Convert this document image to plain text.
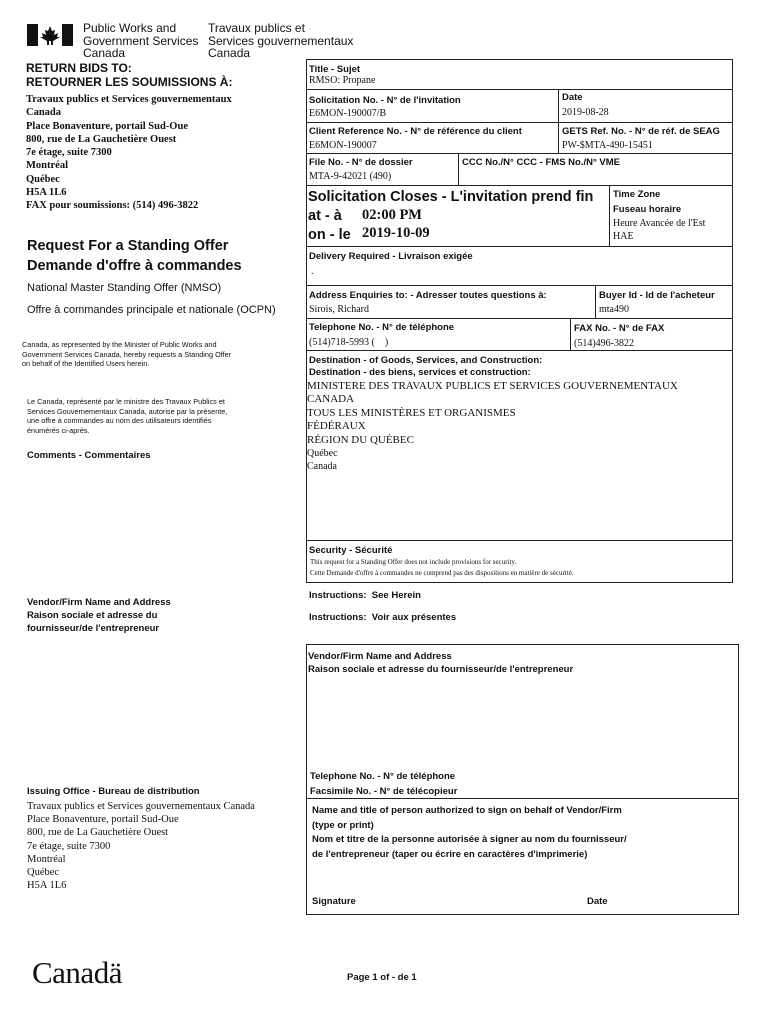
Public Works and
Government Services
Canada
Travaux publics et
Services gouvernementaux
Canada
RETURN BIDS TO:
RETOURNER LES SOUMISSIONS À:
Travaux publics et Services gouvernementaux
Canada
Place Bonaventure, portail Sud-Oue
800, rue de La Gauchetière Ouest
7e étage, suite 7300
Montréal
Québec
H5A 1L6
FAX pour soumissions: (514) 496-3822
Request For a Standing Offer
Demande d'offre à commandes
National Master Standing Offer (NMSO)
Offre à commandes principale et nationale (OCPN)
Canada, as represented by the Minister of Public Works and
Government Services Canada, hereby requests a Standing Offer
on behalf of the Identified Users herein.
Le Canada, représenté par le ministre des Travaux Publics et
Services Gouvernementaux Canada, autorise par la présente,
une offre à commandes au nom des utilisateurs identifiés
énumérés ci-après.
Comments - Commentaires
Vendor/Firm Name and Address
Raison sociale et adresse du
fournisseur/de l'entrepreneur
Issuing Office - Bureau de distribution
Travaux publics et Services gouvernementaux Canada
Place Bonaventure, portail Sud-Oue
800, rue de La Gauchetière Ouest
7e étage, suite 7300
Montréal
Québec
H5A 1L6
Title - Sujet
RMSO: Propane
Solicitation No. - N° de l'invitation
E6MON-190007/B
Date
2019-08-28
Client Reference No. - N° de référence du client
E6MON-190007
GETS Ref. No. - N° de réf. de SEAG
PW-$MTA-490-15451
File No. - N° de dossier
MTA-9-42021 (490)
CCC No./N° CCC - FMS No./N° VME
Solicitation Closes - L'invitation prend fin
at - à 02:00 PM
on - le 2019-10-09
Time Zone
Fuseau horaire
Heure Avancée de l'Est
HAE
Delivery Required - Livraison exigée
.
Address Enquiries to: - Adresser toutes questions à:
Sirois, Richard
Buyer Id - Id de l'acheteur
mta490
Telephone No. - N° de téléphone
(514)718-5993 (    )
FAX No. - N° de FAX
(514)496-3822
Destination - of Goods, Services, and Construction:
Destination - des biens, services et construction:
MINISTERE DES TRAVAUX PUBLICS ET SERVICES GOUVERNEMENTAUX
CANADA
TOUS LES MINISTÈRES ET ORGANISMES
FÉDÉRAUX
RÉGION DU QUÉBEC
Québec
Canada
Security - Sécurité
This request for a Standing Offer does not include provisions for security.
Cette Demande d'offre à commandes ne comprend pas des dispositions en matière de sécurité.
Instructions:  See Herein
Instructions:  Voir aux présentes
Vendor/Firm Name and Address
Raison sociale et adresse du fournisseur/de l'entrepreneur
Telephone No. - N° de téléphone
Facsimile No. - N° de télécopieur
Name and title of person authorized to sign on behalf of Vendor/Firm
(type or print)
Nom et titre de la personne autorisée à signer au nom du fournisseur/
de l'entrepreneur (taper ou écrire en caractères d'imprimerie)
Signature	Date
Canadä	Page 1 of - de 1
